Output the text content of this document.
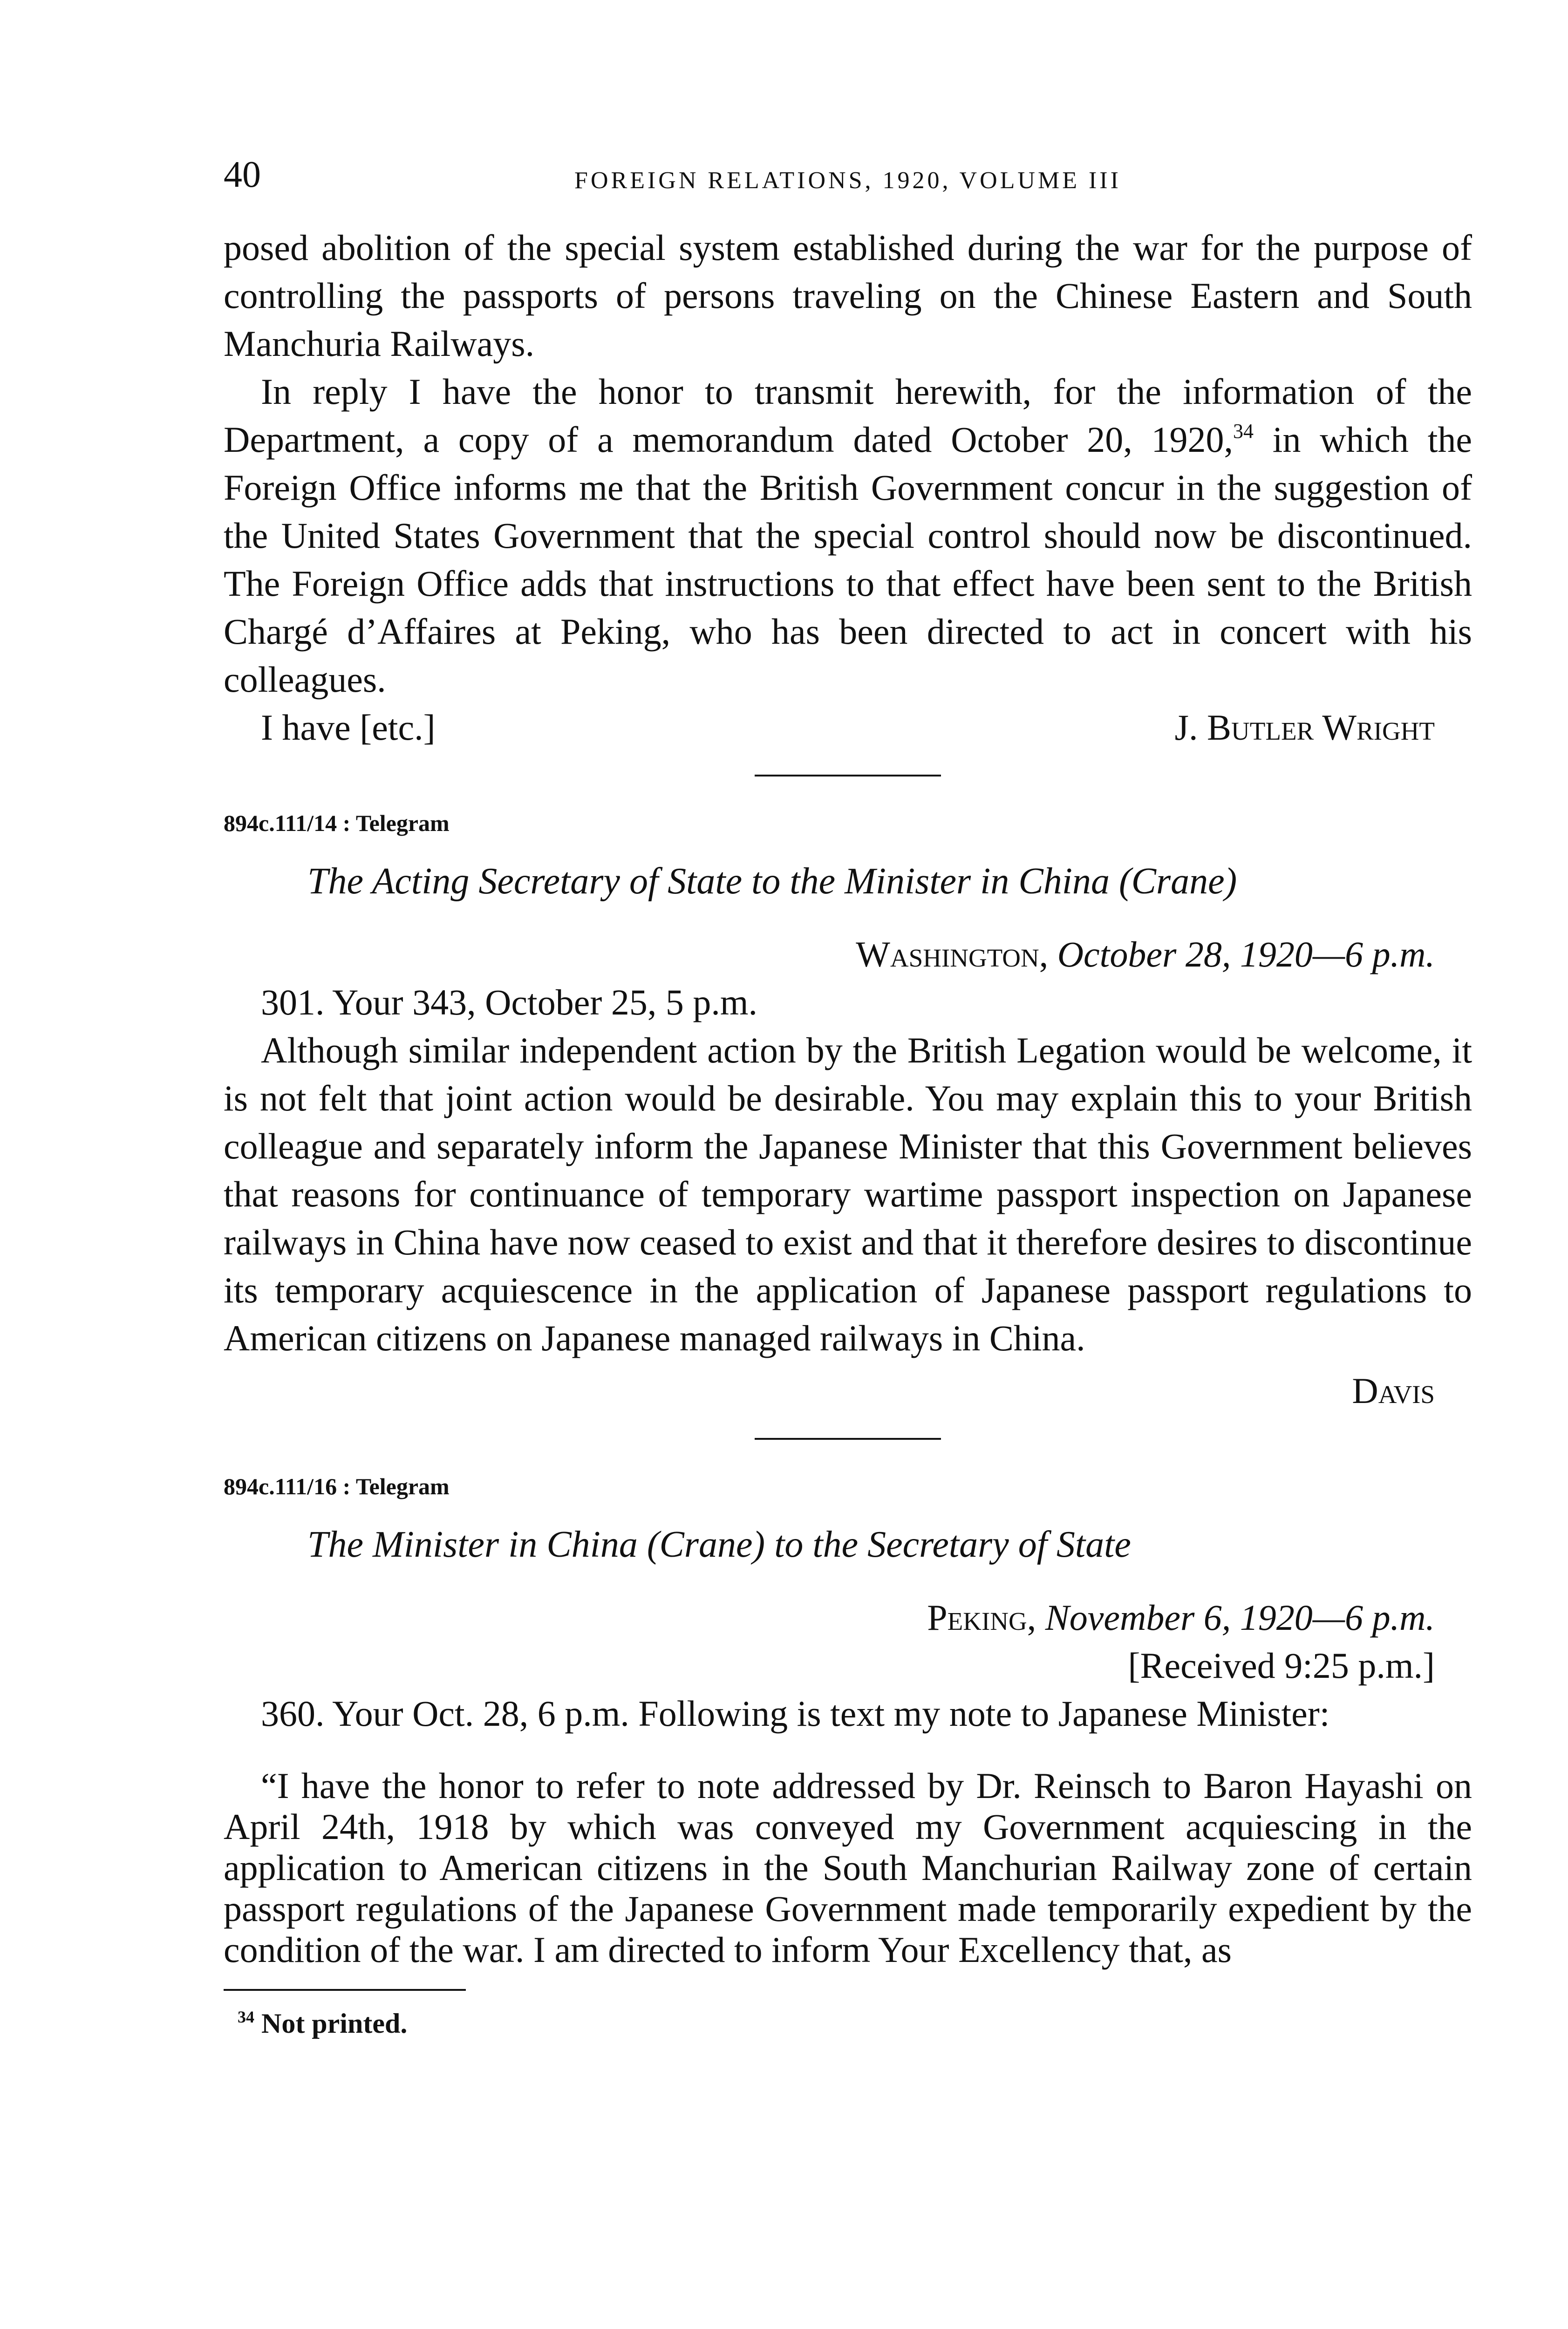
40	FOREIGN RELATIONS, 1920, VOLUME III

posed abolition of the special system established during the war for the purpose of controlling the passports of persons traveling on the Chinese Eastern and South Manchuria Railways.

In reply I have the honor to transmit herewith, for the information of the Department, a copy of a memorandum dated October 20, 1920,34 in which the Foreign Office informs me that the British Government concur in the suggestion of the United States Government that the special control should now be discontinued. The Foreign Office adds that instructions to that effect have been sent to the British Chargé d’Affaires at Peking, who has been directed to act in concert with his colleagues.

I have [etc.]	J. Butler Wright
894c.111/14 : Telegram
The Acting Secretary of State to the Minister in China (Crane)
Washington, October 28, 1920—6 p.m.

301. Your 343, October 25, 5 p.m.

Although similar independent action by the British Legation would be welcome, it is not felt that joint action would be desirable. You may explain this to your British colleague and separately inform the Japanese Minister that this Government believes that reasons for continuance of temporary wartime passport inspection on Japanese railways in China have now ceased to exist and that it therefore desires to discontinue its temporary acquiescence in the application of Japanese passport regulations to American citizens on Japanese managed railways in China.

Davis
894c.111/16 : Telegram
The Minister in China (Crane) to the Secretary of State
Peking, November 6, 1920—6 p.m.
[Received 9:25 p.m.]

360. Your Oct. 28, 6 p.m. Following is text my note to Japanese Minister:

“I have the honor to refer to note addressed by Dr. Reinsch to Baron Hayashi on April 24th, 1918 by which was conveyed my Government acquiescing in the application to American citizens in the South Manchurian Railway zone of certain passport regulations of the Japanese Government made temporarily expedient by the condition of the war. I am directed to inform Your Excellency that, as

$^{34}$ Not printed.
